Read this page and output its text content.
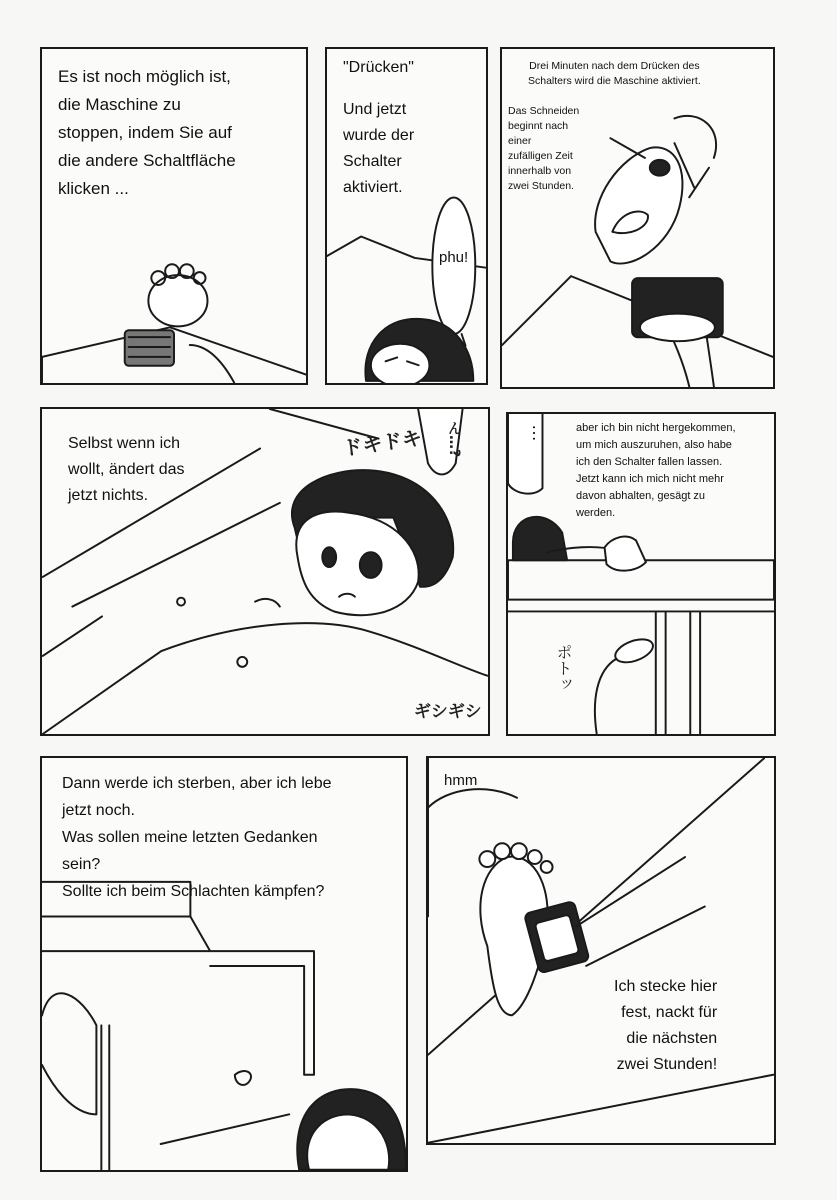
Es ist noch möglich ist,
die Maschine zu
stoppen, indem Sie auf
die andere Schaltfläche
klicken ...
"Drücken"
Und jetzt
wurde der
Schalter
aktiviert.
phu!
Drei Minuten nach dem Drücken des
Schalters wird die Maschine aktiviert.
Das Schneiden
beginnt nach
einer
zufälligen Zeit
innerhalb von
zwei Stunden.
Selbst wenn ich
wollt, ändert das
jetzt nichts.
ドキドキ ん…?
ギシギシ
… aber ich bin nicht hergekommen,
um mich auszuruhen, also habe
ich den Schalter fallen lassen.
Jetzt kann ich mich nicht mehr
davon abhalten, gesägt zu
werden.
ポトッ
Dann werde ich sterben, aber ich lebe
jetzt noch.
Was sollen meine letzten Gedanken
sein?
Sollte ich beim Schlachten kämpfen?
hmm
Ich stecke hier
fest, nackt für
die nächsten
zwei Stunden!
